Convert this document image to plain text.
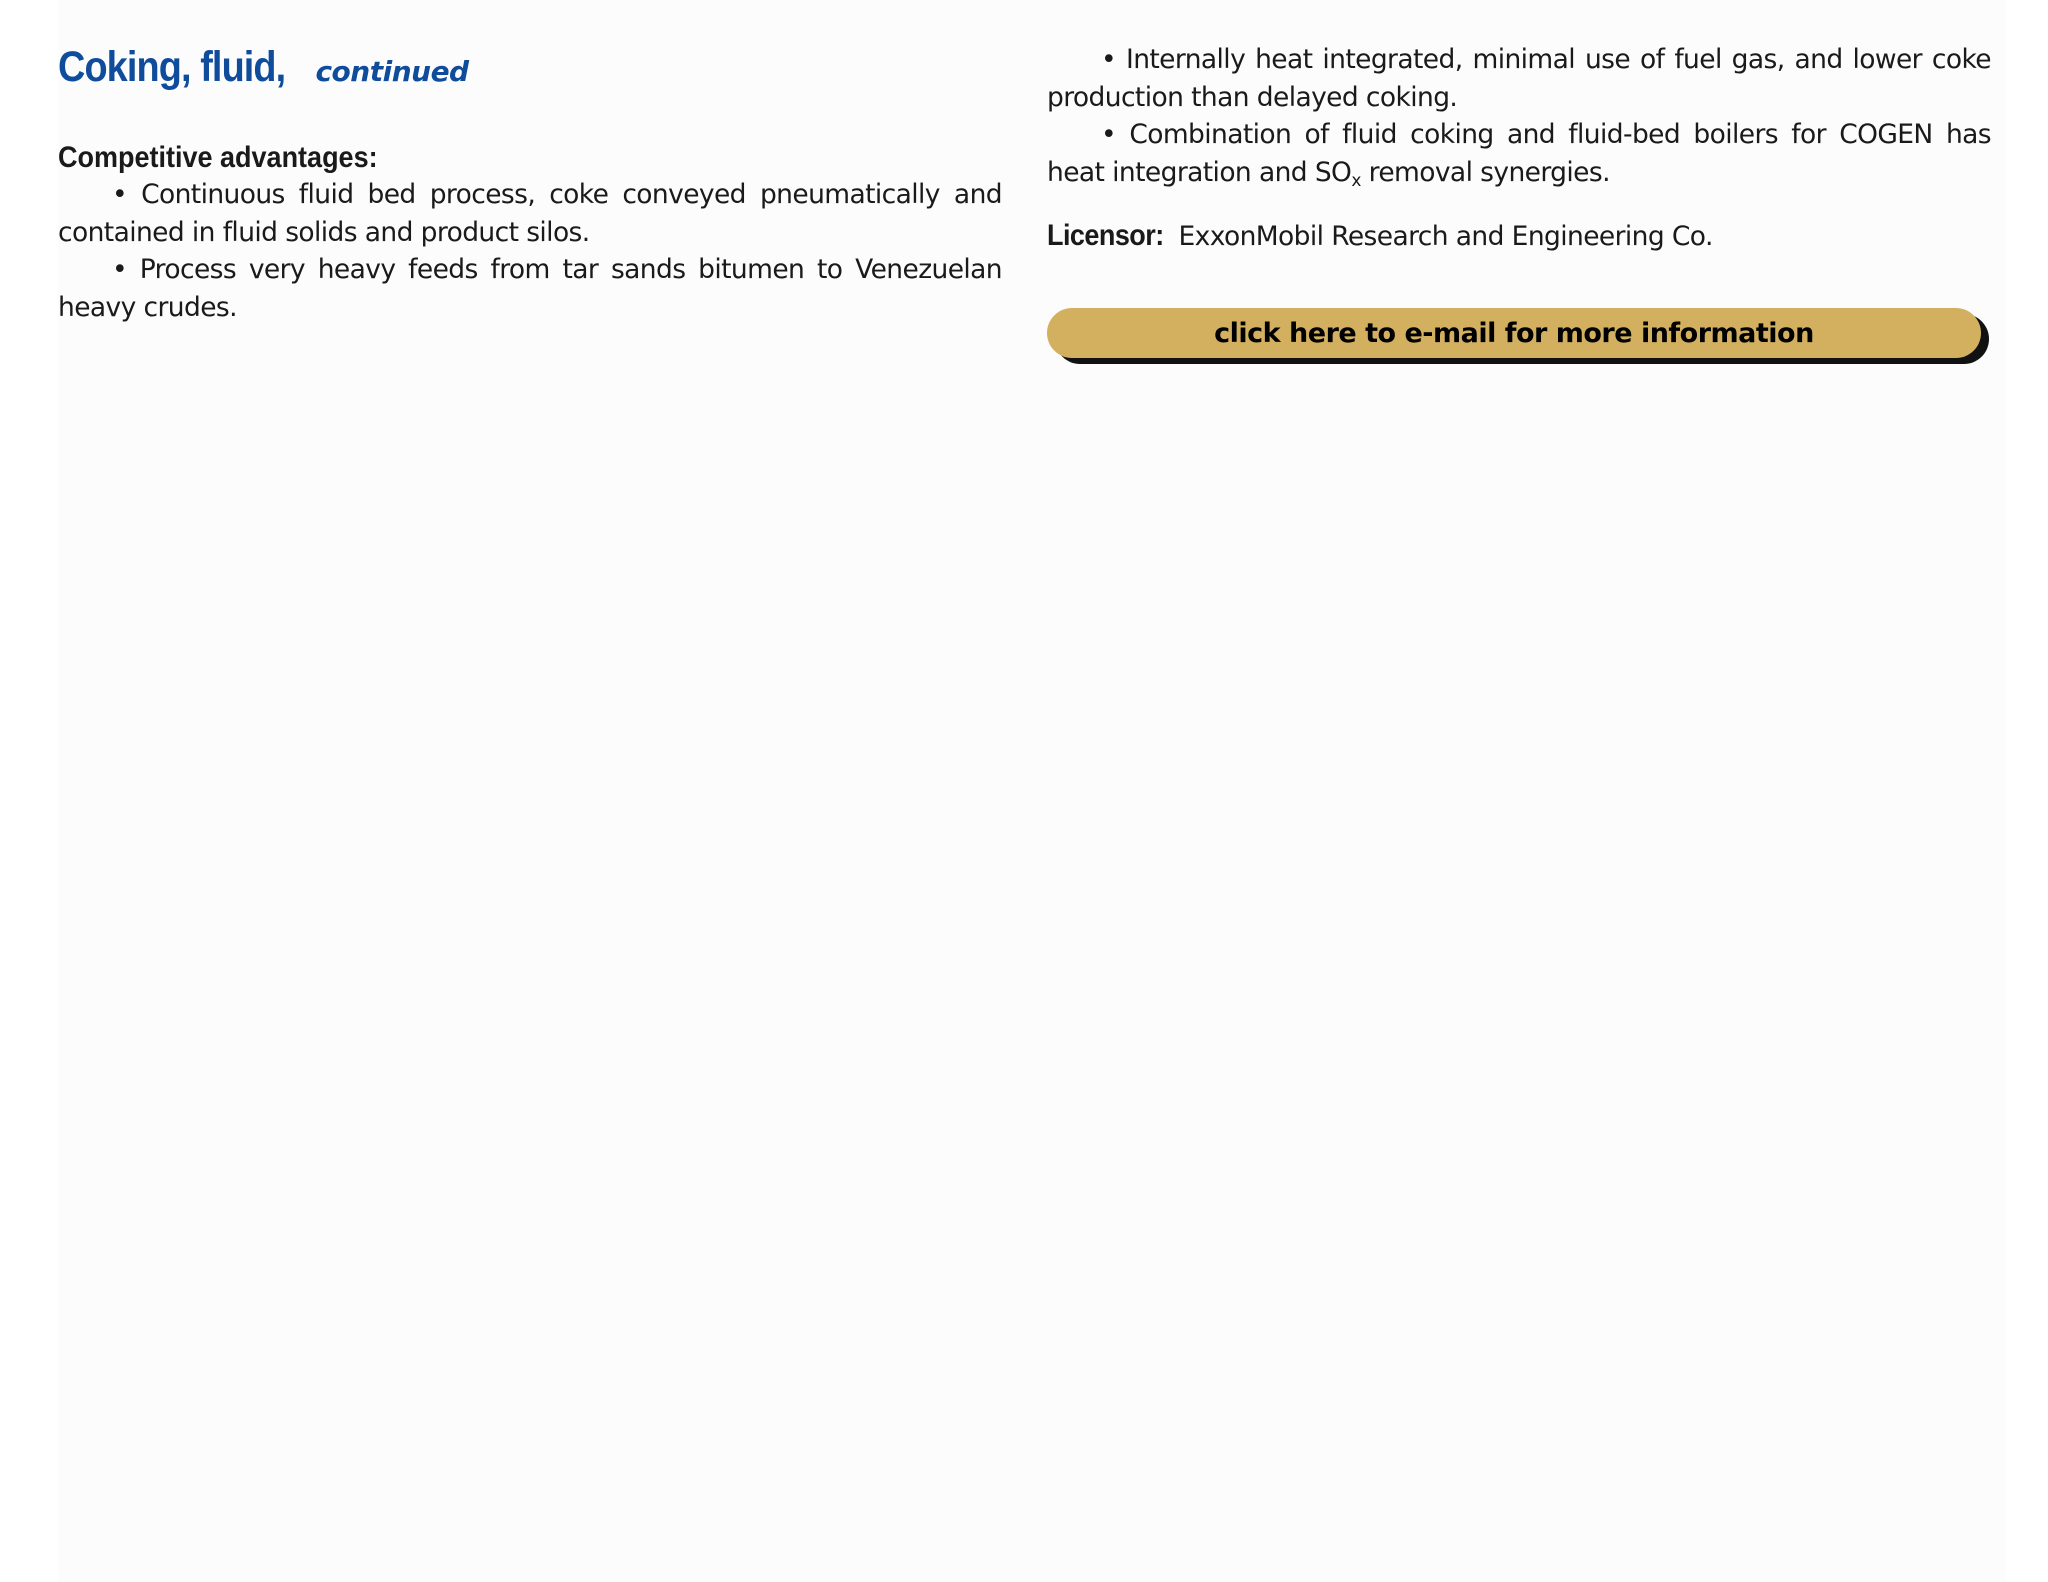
Coking, fluid, continued
Competitive advantages:

• Continuous fluid bed process, coke conveyed pneumatically and contained in fluid solids and product silos.

• Process very heavy feeds from tar sands bitumen to Venezuelan heavy crudes.

• Internally heat integrated, minimal use of fuel gas, and lower coke production than delayed coking.

• Combination of fluid coking and fluid-bed boilers for COGEN has heat integration and $SO_x$ removal synergies.

Licensor: ExxonMobil Research and Engineering Co.
click here to e-mail for more information
